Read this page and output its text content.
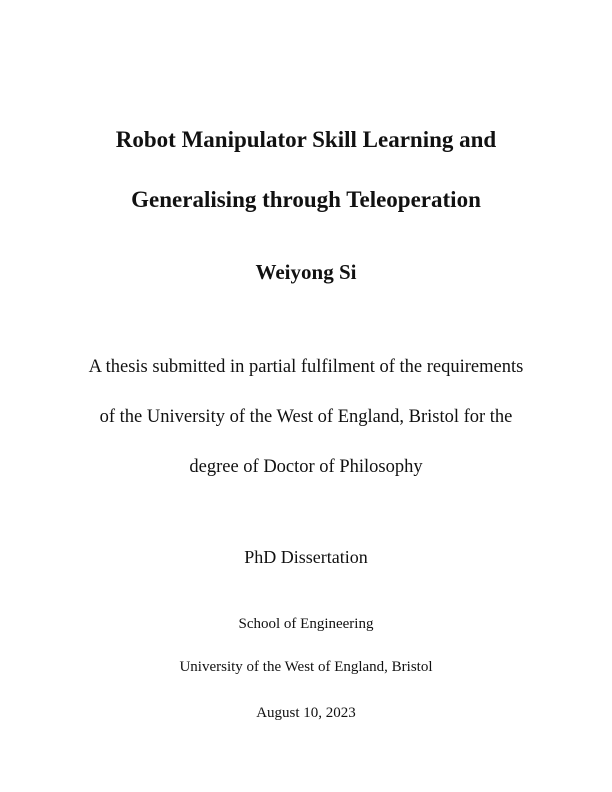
Robot Manipulator Skill Learning and
Generalising through Teleoperation
Weiyong Si
A thesis submitted in partial fulfilment of the requirements
of the University of the West of England, Bristol for the
degree of Doctor of Philosophy
PhD Dissertation
School of Engineering
University of the West of England, Bristol
August 10, 2023
